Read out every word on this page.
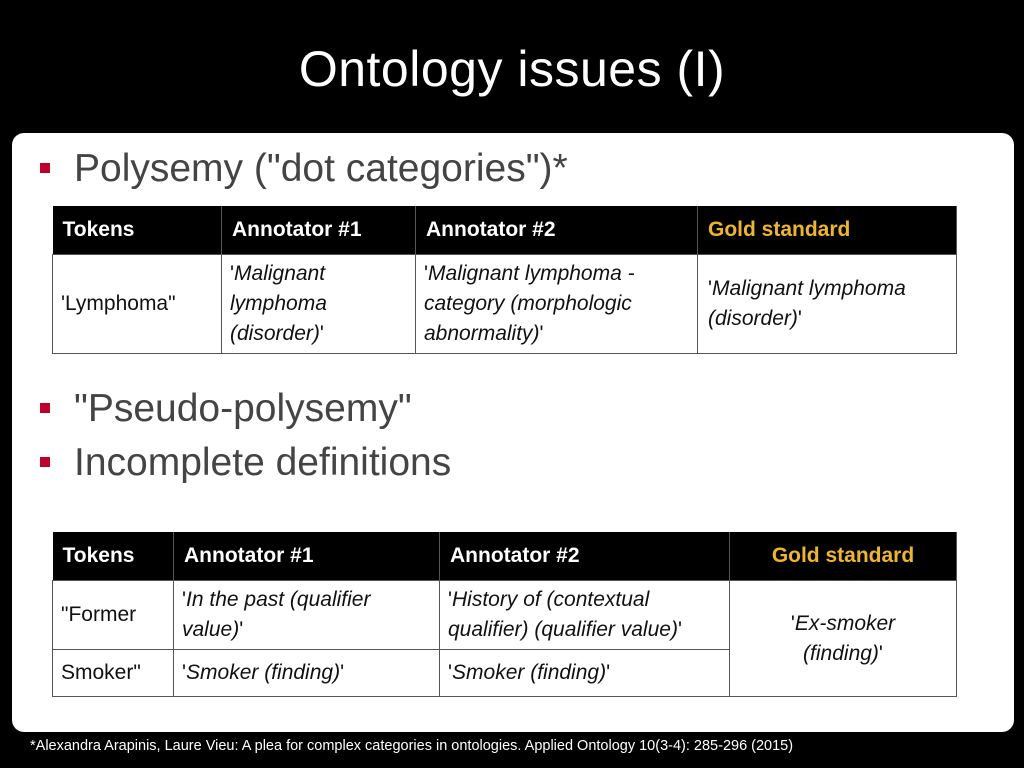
Ontology issues (I)
Polysemy ("dot categories")*
Tokens	Annotator #1	Annotator #2	Gold standard
'Lymphoma"	'Malignant lymphoma (disorder)'	'Malignant lymphoma - category (morphologic abnormality)'	'Malignant lymphoma (disorder)'
"Pseudo-polysemy"
Incomplete definitions
Tokens	Annotator #1	Annotator #2	Gold standard
"Former	'In the past (qualifier value)'	'History of (contextual qualifier) (qualifier value)'	'Ex-smoker (finding)'
Smoker"	'Smoker (finding)'	'Smoker (finding)'	
*Alexandra Arapinis, Laure Vieu: A plea for complex categories in ontologies. Applied Ontology 10(3-4): 285-296 (2015)
